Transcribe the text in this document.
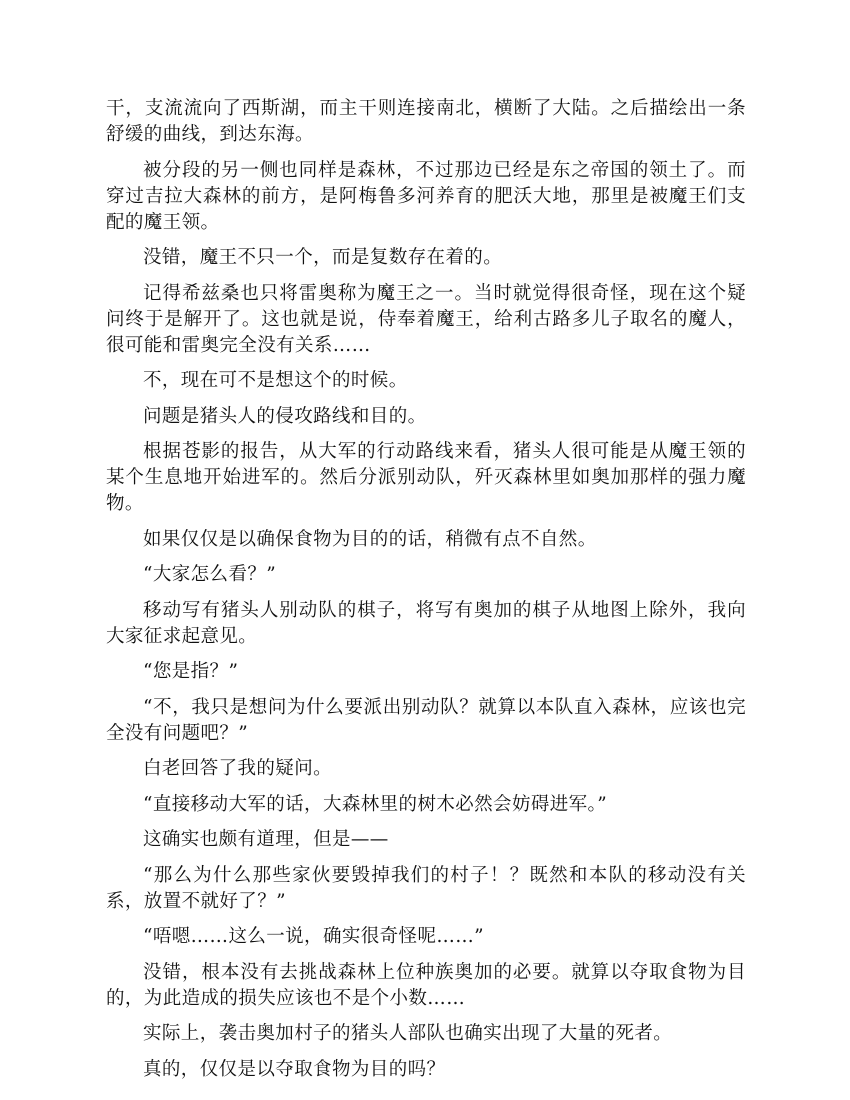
干，支流流向了西斯湖，而主干则连接南北，横断了大陆。之后描绘出一条舒缓的曲线，到达东海。

被分段的另一侧也同样是森林，不过那边已经是东之帝国的领土了。而穿过吉拉大森林的前方，是阿梅鲁多河养育的肥沃大地，那里是被魔王们支配的魔王领。

没错，魔王不只一个，而是复数存在着的。

记得希兹桑也只将雷奥称为魔王之一。当时就觉得很奇怪，现在这个疑问终于是解开了。这也就是说，侍奉着魔王，给利古路多儿子取名的魔人，很可能和雷奥完全没有关系……

不，现在可不是想这个的时候。

问题是猪头人的侵攻路线和目的。

根据苍影的报告，从大军的行动路线来看，猪头人很可能是从魔王领的某个生息地开始进军的。然后分派别动队，歼灭森林里如奥加那样的强力魔物。

如果仅仅是以确保食物为目的的话，稍微有点不自然。

“大家怎么看？”

移动写有猪头人别动队的棋子，将写有奥加的棋子从地图上除外，我向大家征求起意见。

“您是指？”

“不，我只是想问为什么要派出别动队？就算以本队直入森林，应该也完全没有问题吧？”

白老回答了我的疑问。

“直接移动大军的话，大森林里的树木必然会妨碍进军。”

这确实也颇有道理，但是——

“那么为什么那些家伙要毁掉我们的村子！？既然和本队的移动没有关系，放置不就好了？”

“唔嗯……这么一说，确实很奇怪呢……”

没错，根本没有去挑战森林上位种族奥加的必要。就算以夺取食物为目的，为此造成的损失应该也不是个小数……

实际上，袭击奥加村子的猪头人部队也确实出现了大量的死者。

真的，仅仅是以夺取食物为目的吗？
